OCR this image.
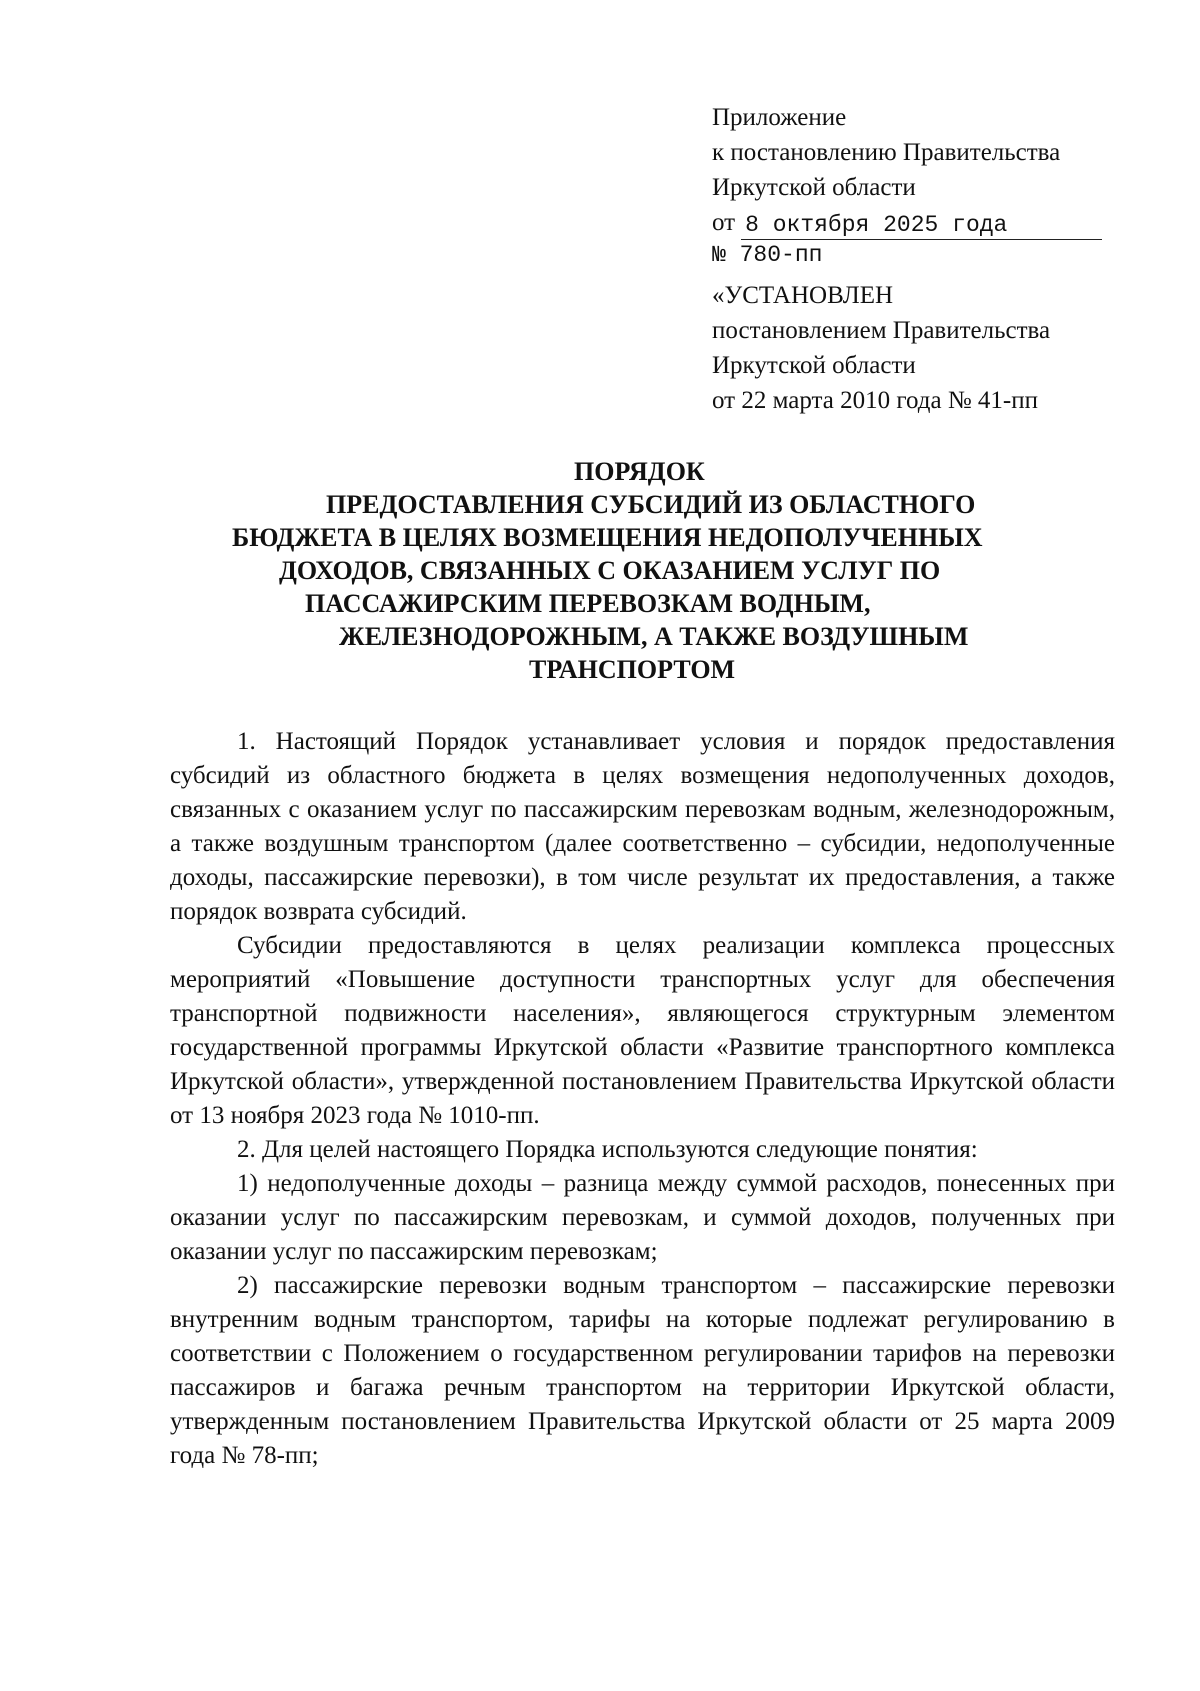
Приложение
к постановлению Правительства
Иркутской области
от 8 октября 2025 года
№ 780-пп
«УСТАНОВЛЕН
постановлением Правительства
Иркутской области
от 22 марта 2010 года № 41-пп
ПОРЯДОК
ПРЕДОСТАВЛЕНИЯ СУБСИДИЙ ИЗ ОБЛАСТНОГО
БЮДЖЕТА В ЦЕЛЯХ ВОЗМЕЩЕНИЯ НЕДОПОЛУЧЕННЫХ
ДОХОДОВ, СВЯЗАННЫХ С ОКАЗАНИЕМ УСЛУГ ПО
ПАССАЖИРСКИМ ПЕРЕВОЗКАМ ВОДНЫМ,
ЖЕЛЕЗНОДОРОЖНЫМ, А ТАКЖЕ ВОЗДУШНЫМ
ТРАНСПОРТОМ

1. Настоящий Порядок устанавливает условия и порядок предоставления субсидий из областного бюджета в целях возмещения недополученных доходов, связанных с оказанием услуг по пассажирским перевозкам водным, железнодорожным, а также воздушным транспортом (далее соответственно – субсидии, недополученные доходы, пассажирские перевозки), в том числе результат их предоставления, а также порядок возврата субсидий.

Субсидии предоставляются в целях реализации комплекса процессных мероприятий «Повышение доступности транспортных услуг для обеспечения транспортной подвижности населения», являющегося структурным элементом государственной программы Иркутской области «Развитие транспортного комплекса Иркутской области», утвержденной постановлением Правительства Иркутской области от 13 ноября 2023 года № 1010-пп.

2. Для целей настоящего Порядка используются следующие понятия:

1) недополученные доходы – разница между суммой расходов, понесенных при оказании услуг по пассажирским перевозкам, и суммой доходов, полученных при оказании услуг по пассажирским перевозкам;

2) пассажирские перевозки водным транспортом – пассажирские перевозки внутренним водным транспортом, тарифы на которые подлежат регулированию в соответствии с Положением о государственном регулировании тарифов на перевозки пассажиров и багажа речным транспортом на территории Иркутской области, утвержденным постановлением Правительства Иркутской области от 25 марта 2009 года № 78-пп;
